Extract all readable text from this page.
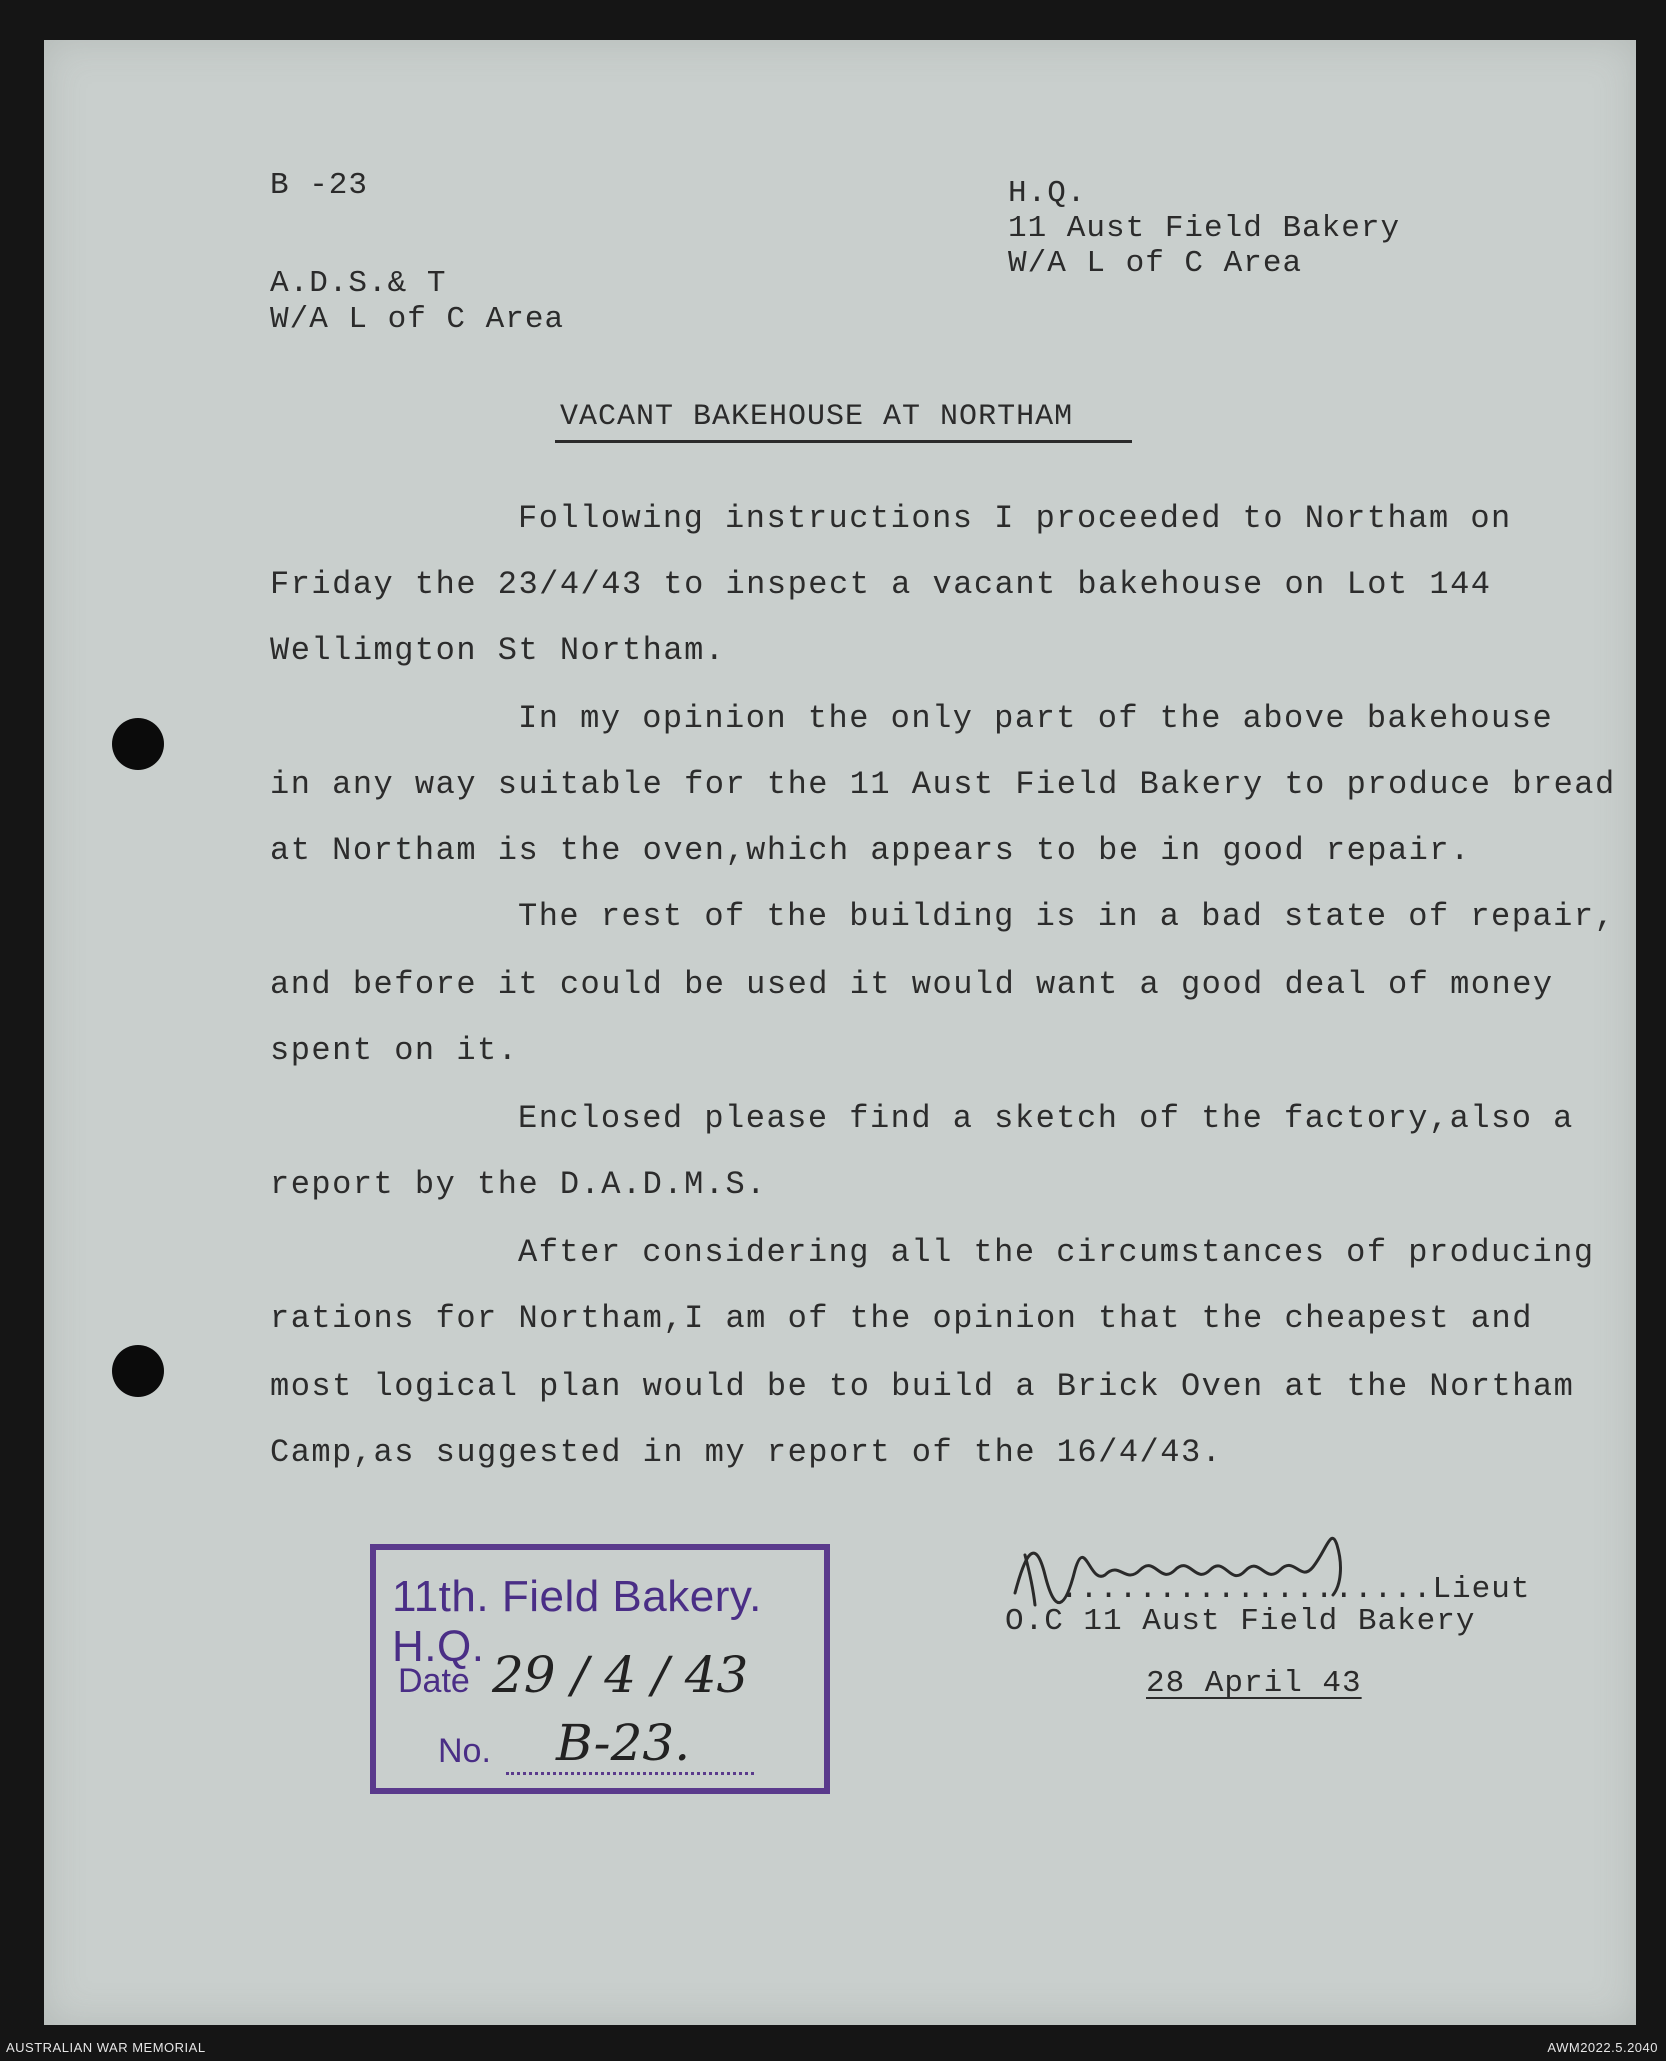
B -23	H.Q.
11 Aust Field Bakery
W/A L of C Area
A.D.S.& T
W/A L of C Area
VACANT BAKEHOUSE AT NORTHAM
Following instructions I proceeded to Northam on
Friday the 23/4/43 to inspect a vacant bakehouse on Lot 144
Wellimgton St Northam.
In my opinion the only part of the above bakehouse
in any way suitable for the 11 Aust Field Bakery to produce bread
at Northam is the oven,which appears to be in good repair.
The rest of the building is in a bad state of repair,
and before it could be used it would want a good deal of money
spent on it.
Enclosed please find a sketch of the factory,also a
report by the D.A.D.M.S.
After considering all the circumstances of producing
rations for Northam,I am of the opinion that the cheapest and
most logical plan would be to build a Brick Oven at the Northam
Camp,as suggested in my report of the 16/4/43.
11th. Field Bakery. H.Q.
Date 29 / 4 / 43
No. B-23.
...................Lieut
O.C 11 Aust Field Bakery
28 April 43
AUSTRALIAN WAR MEMORIAL	AWM2022.5.2040
